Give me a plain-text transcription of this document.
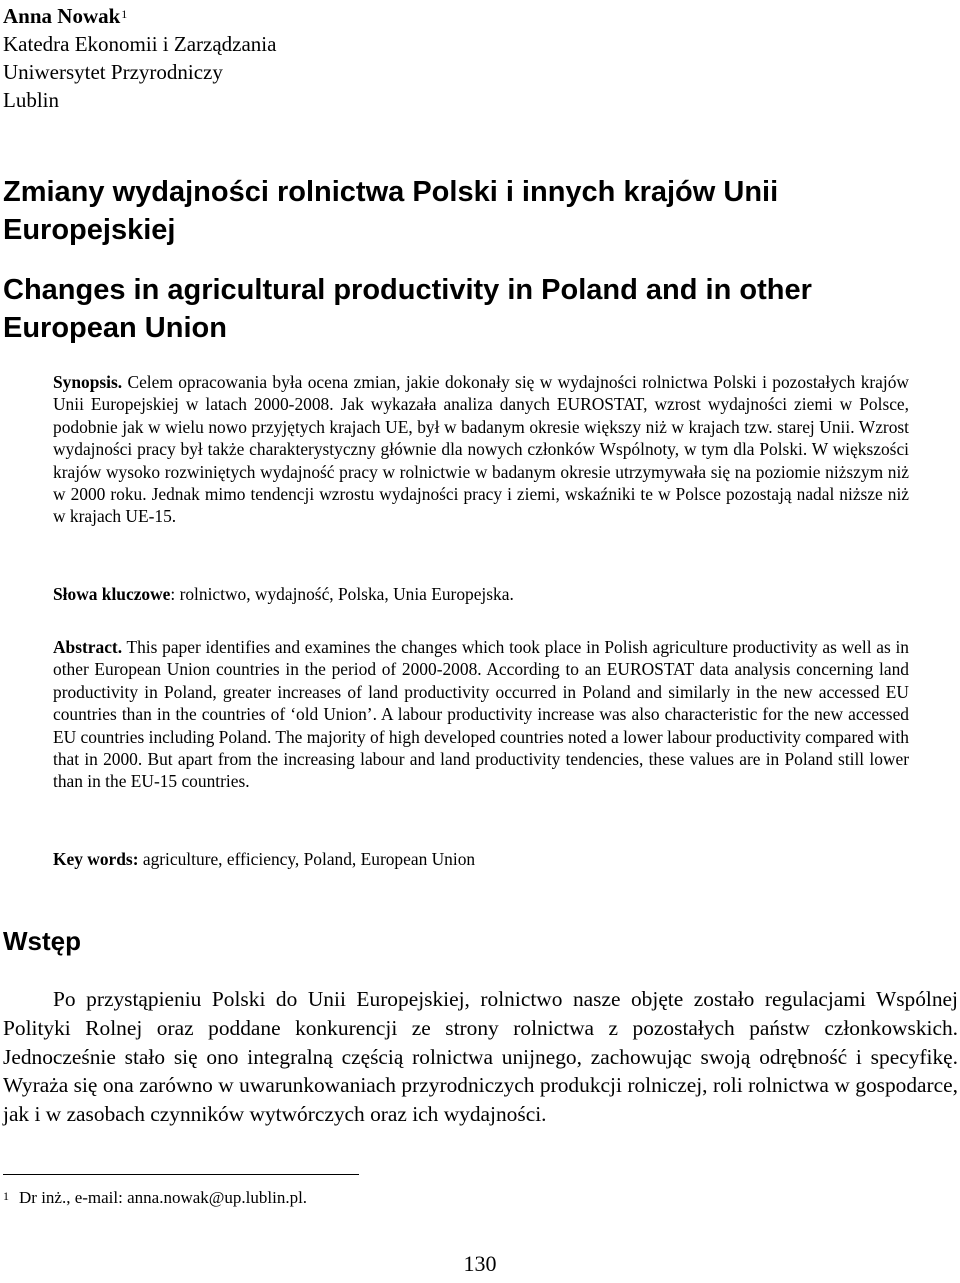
Anna Nowak$^1$
Katedra Ekonomii i Zarządzania
Uniwersytet Przyrodniczy
Lublin
Zmiany wydajności rolnictwa Polski i innych krajów Unii Europejskiej
Changes in agricultural productivity in Poland and in other European Union
Synopsis. Celem opracowania była ocena zmian, jakie dokonały się w wydajności rolnictwa Polski i pozostałych krajów Unii Europejskiej w latach 2000-2008. Jak wykazała analiza danych EUROSTAT, wzrost wydajności ziemi w Polsce, podobnie jak w wielu nowo przyjętych krajach UE, był w badanym okresie większy niż w krajach tzw. starej Unii. Wzrost wydajności pracy był także charakterystyczny głównie dla nowych członków Wspólnoty, w tym dla Polski. W większości krajów wysoko rozwiniętych wydajność pracy w rolnictwie w badanym okresie utrzymywała się na poziomie niższym niż w 2000 roku. Jednak mimo tendencji wzrostu wydajności pracy i ziemi, wskaźniki te w Polsce pozostają nadal niższe niż w krajach UE-15.
Słowa kluczowe: rolnictwo, wydajność, Polska, Unia Europejska.
Abstract. This paper identifies and examines the changes which took place in Polish agriculture productivity as well as in other European Union countries in the period of 2000-2008. According to an EUROSTAT data analysis concerning land productivity in Poland, greater increases of land productivity occurred in Poland and similarly in the new accessed EU countries than in the countries of ‘old Union’. A labour productivity increase was also characteristic for the new accessed EU countries including Poland. The majority of high developed countries noted a lower labour productivity compared with that in 2000. But apart from the increasing labour and land productivity tendencies, these values are in Poland still lower than in the EU-15 countries.
Key words: agriculture, efficiency, Poland, European Union
Wstęp
Po przystąpieniu Polski do Unii Europejskiej, rolnictwo nasze objęte zostało regulacjami Wspólnej Polityki Rolnej oraz poddane konkurencji ze strony rolnictwa z pozostałych państw członkowskich. Jednocześnie stało się ono integralną częścią rolnictwa unijnego, zachowując swoją odrębność i specyfikę. Wyraża się ona zarówno w uwarunkowaniach przyrodniczych produkcji rolniczej, roli rolnictwa w gospodarce, jak i w zasobach czynników wytwórczych oraz ich wydajności.
$^1$ Dr inż., e-mail: anna.nowak@up.lublin.pl.
130
